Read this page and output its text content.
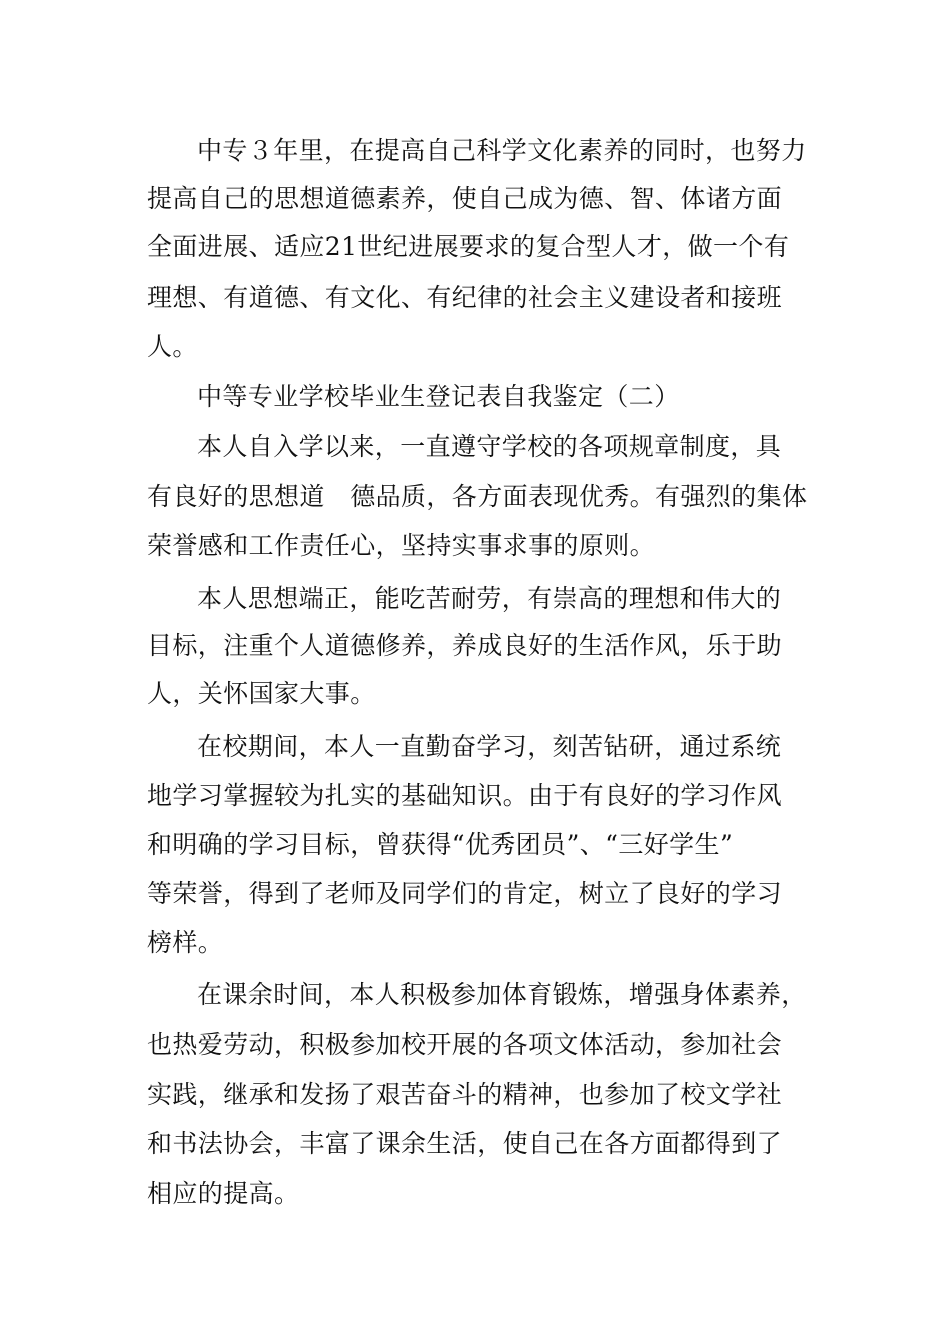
中专３年里，在提高自己科学文化素养的同时，也努力
提高自己的思想道德素养，使自己成为德、智、体诸方面
全面进展、适应21世纪进展要求的复合型人才，做一个有
理想、有道德、有文化、有纪律的社会主义建设者和接班
人。
中等专业学校毕业生登记表自我鉴定（二）
本人自入学以来，一直遵守学校的各项规章制度，具
有良好的思想道　德品质，各方面表现优秀。有强烈的集体
荣誉感和工作责任心，坚持实事求事的原则。
本人思想端正，能吃苦耐劳，有崇高的理想和伟大的
目标，注重个人道德修养，养成良好的生活作风，乐于助
人，关怀国家大事。
在校期间，本人一直勤奋学习，刻苦钻研，通过系统
地学习掌握较为扎实的基础知识。由于有良好的学习作风
和明确的学习目标，曾获得“优秀团员”、“三好学生”
等荣誉，得到了老师及同学们的肯定，树立了良好的学习
榜样。
在课余时间，本人积极参加体育锻炼，增强身体素养，
也热爱劳动，积极参加校开展的各项文体活动，参加社会
实践，继承和发扬了艰苦奋斗的精神，也参加了校文学社
和书法协会，丰富了课余生活，使自己在各方面都得到了
相应的提高。
